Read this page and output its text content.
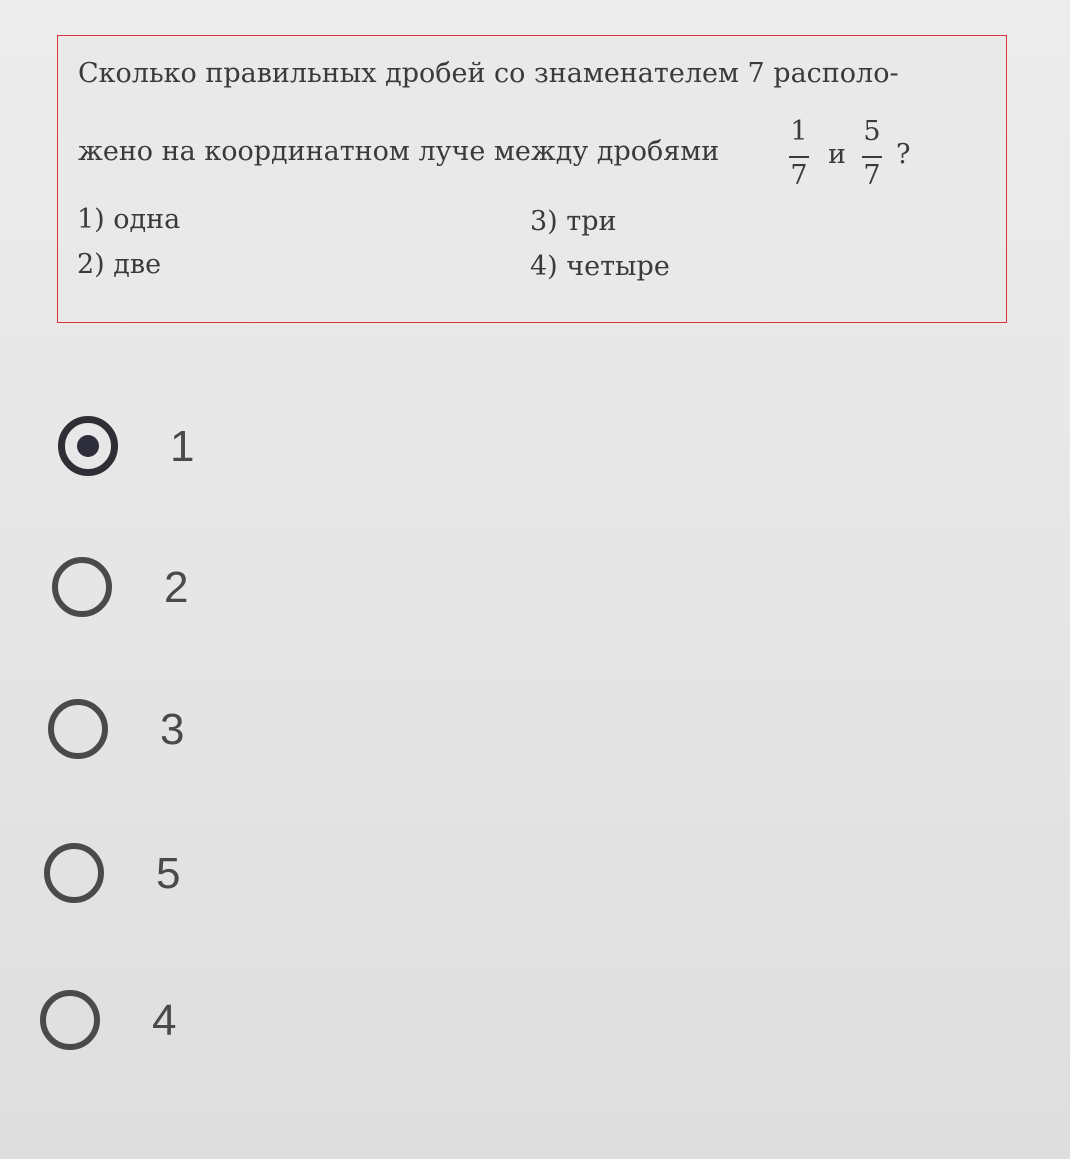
Сколько правильных дробей со знаменателем 7 располо-
жено на координатном луче между дробями
1
7
и
5
7
?
1) одна
2) две
3) три
4) четыре
1
2
3
5
4
